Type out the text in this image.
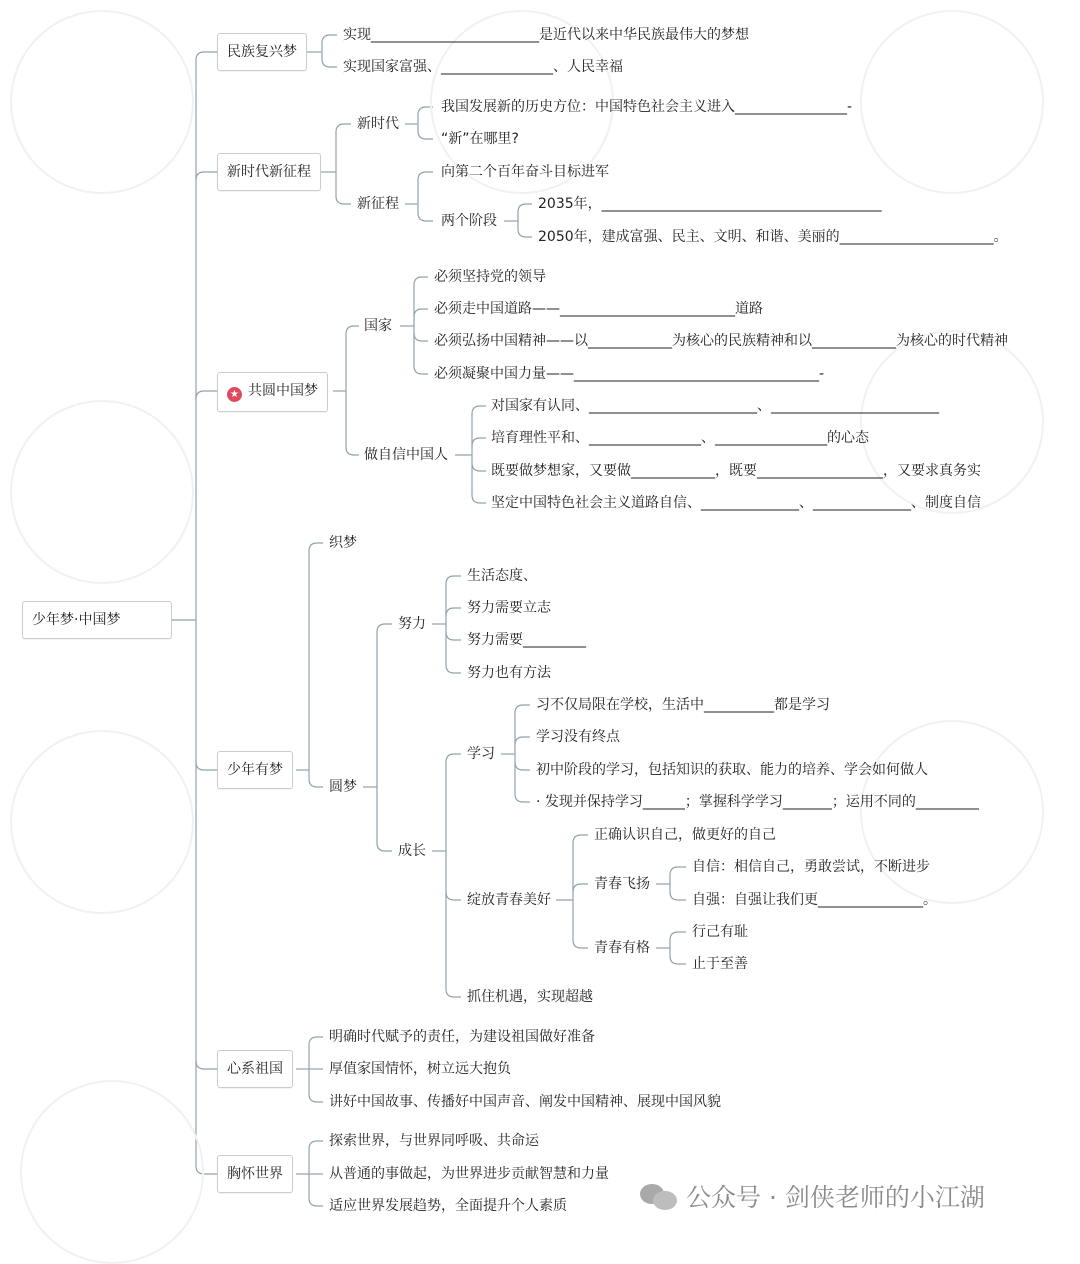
少年梦·中国梦
民族复兴梦
新时代新征程
★ 共圆中国梦
少年有梦
心系祖国
胸怀世界
实现________________________是近代以来中华民族最伟大的梦想
实现国家富强、________________、人民幸福
新时代
我国发展新的历史方位：中国特色社会主义进入________________-
“新”在哪里?
新征程
向第二个百年奋斗目标进军
两个阶段
2035年，________________________________________
2050年，建成富强、民主、文明、和谐、美丽的______________________。
国家
必须坚持党的领导
必须走中国道路——_________________________道路
必须弘扬中国精神——以____________为核心的民族精神和以____________为核心的时代精神
必须凝聚中国力量——___________________________________-
做自信中国人
对国家有认同、________________________、________________________
培育理性平和、________________、________________的心态
既要做梦想家，又要做____________，既要__________________，又要求真务实
坚定中国特色社会主义道路自信、______________、______________、制度自信
织梦
圆梦
努力
生活态度、
努力需要立志
努力需要_________
努力也有方法
成长
学习
习不仅局限在学校，生活中__________都是学习
学习没有终点
初中阶段的学习，包括知识的获取、能力的培养、学会如何做人
· 发现并保持学习______；掌握科学学习_______；运用不同的_________
绽放青春美好
正确认识自己，做更好的自己
青春飞扬
自信：相信自己，勇敢尝试，不断进步
自强：自强让我们更_______________。
青春有格
行己有耻
止于至善
抓住机遇，实现超越
明确时代赋予的责任，为建设祖国做好准备
厚值家国情怀，树立远大抱负
讲好中国故事、传播好中国声音、阐发中国精神、展现中国风貌
探索世界，与世界同呼吸、共命运
从普通的事做起，为世界进步贡献智慧和力量
适应世界发展趋势，全面提升个人素质	公众号 · 剑侠老师的小江湖
